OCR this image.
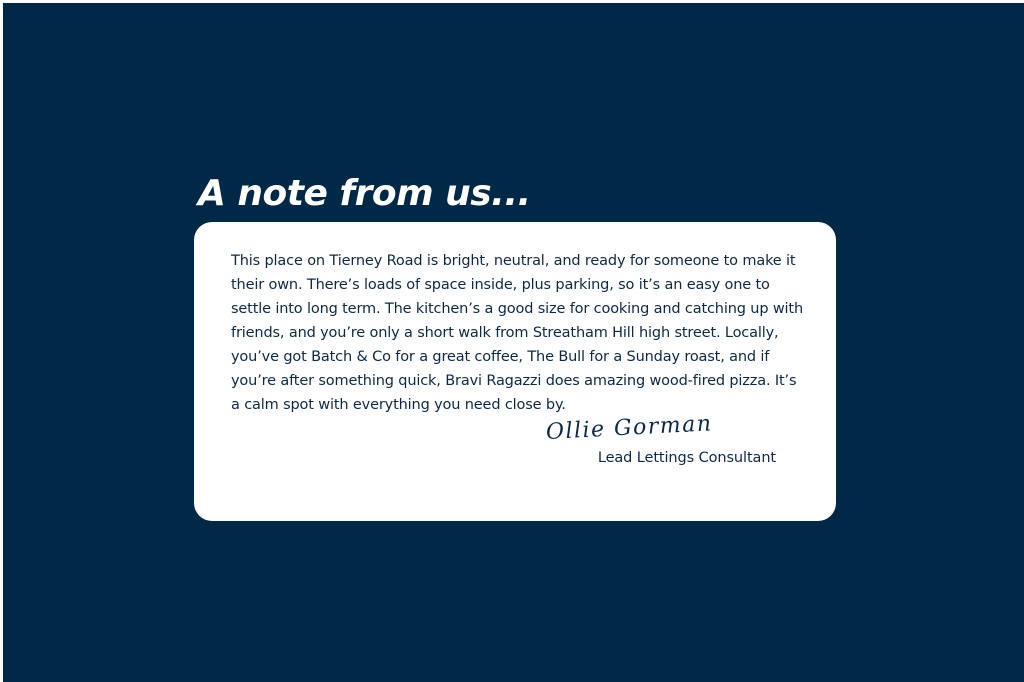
A note from us...

This place on Tierney Road is bright, neutral, and ready for someone to make it their own. There’s loads of space inside, plus parking, so it’s an easy one to settle into long term. The kitchen’s a good size for cooking and catching up with friends, and you’re only a short walk from Streatham Hill high street. Locally, you’ve got Batch & Co for a great coffee, The Bull for a Sunday roast, and if you’re after something quick, Bravi Ragazzi does amazing wood-fired pizza. It’s a calm spot with everything you need close by.

Ollie Gorman

Lead Lettings Consultant
